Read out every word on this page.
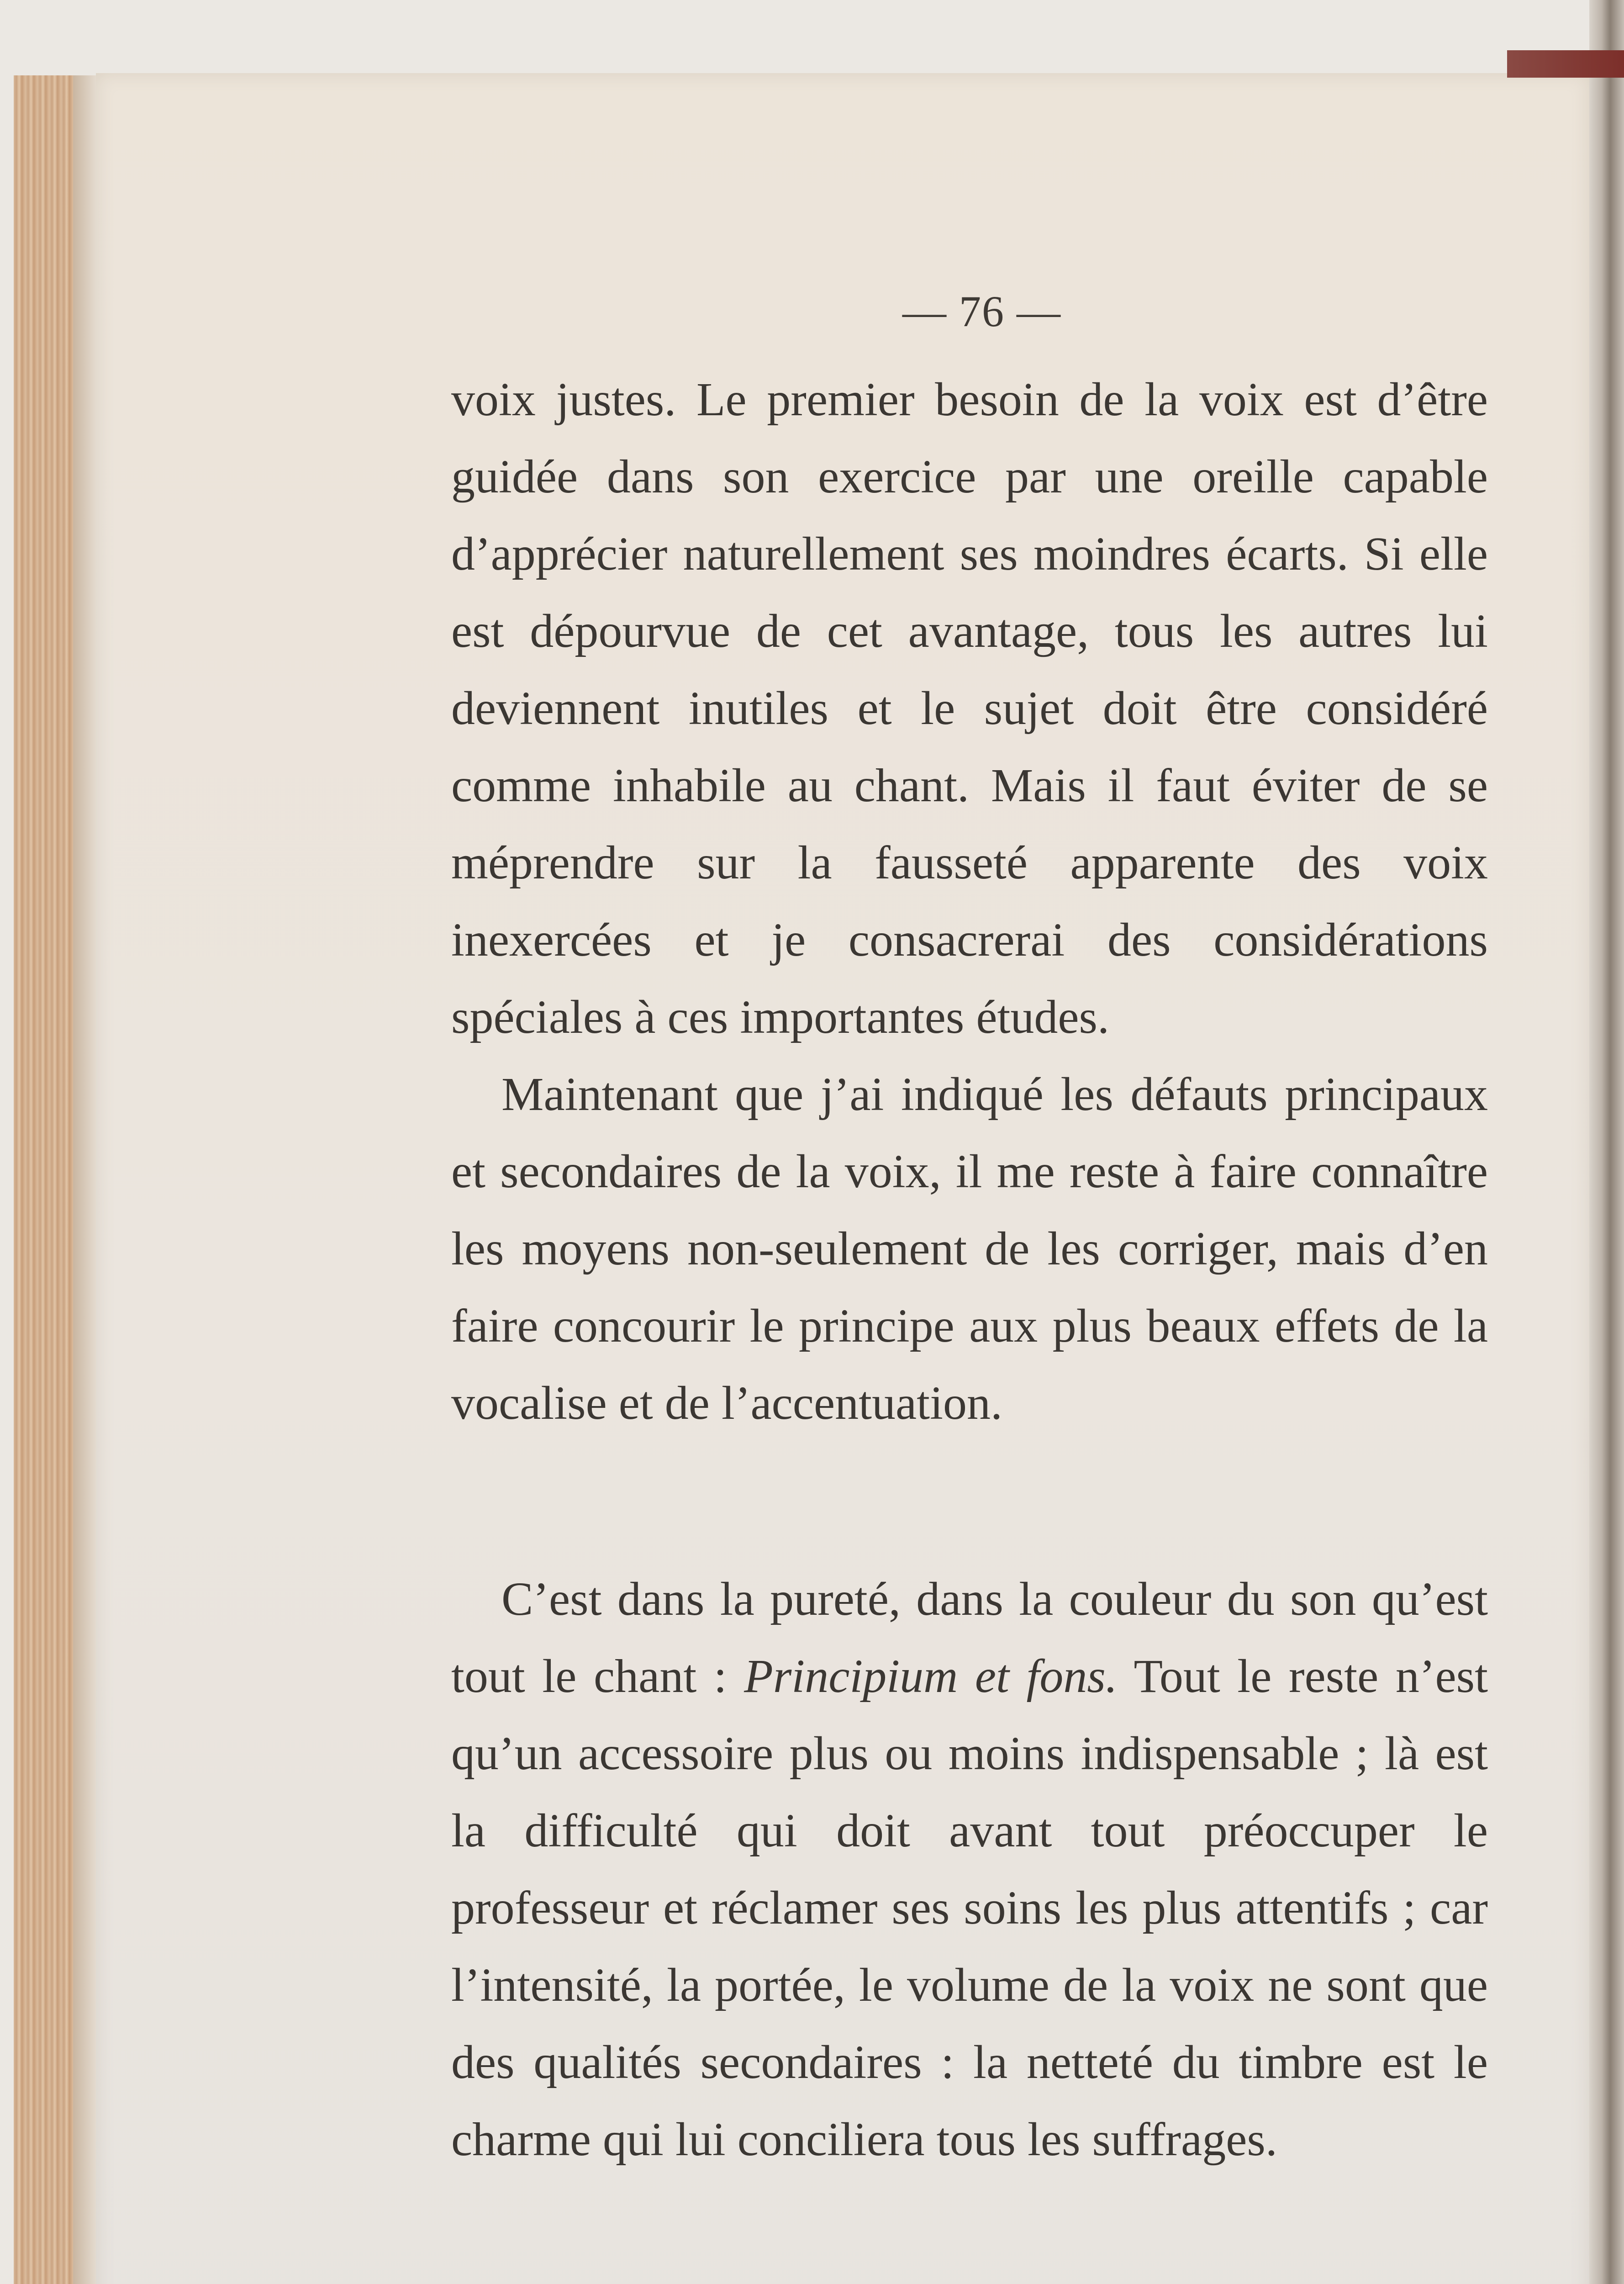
— 76 —

voix justes. Le premier besoin de la voix est d’être guidée dans son exercice par une oreille capable d’apprécier naturellement ses moindres écarts. Si elle est dépourvue de cet avantage, tous les autres lui deviennent inutiles et le sujet doit être considéré comme inhabile au chant. Mais il faut éviter de se méprendre sur la fausseté apparente des voix inexercées et je consacrerai des considérations spéciales à ces importantes études.

Maintenant que j’ai indiqué les défauts principaux et secondaires de la voix, il me reste à faire connaître les moyens non-seulement de les corriger, mais d’en faire concourir le principe aux plus beaux effets de la vocalise et de l’accentuation.

C’est dans la pureté, dans la couleur du son qu’est tout le chant : Principium et fons. Tout le reste n’est qu’un accessoire plus ou moins indispensable ; là est la difficulté qui doit avant tout préoccuper le professeur et réclamer ses soins les plus attentifs ; car l’intensité, la portée, le volume de la voix ne sont que des qualités secondaires : la netteté du timbre est le charme qui lui conciliera tous les suffrages.
